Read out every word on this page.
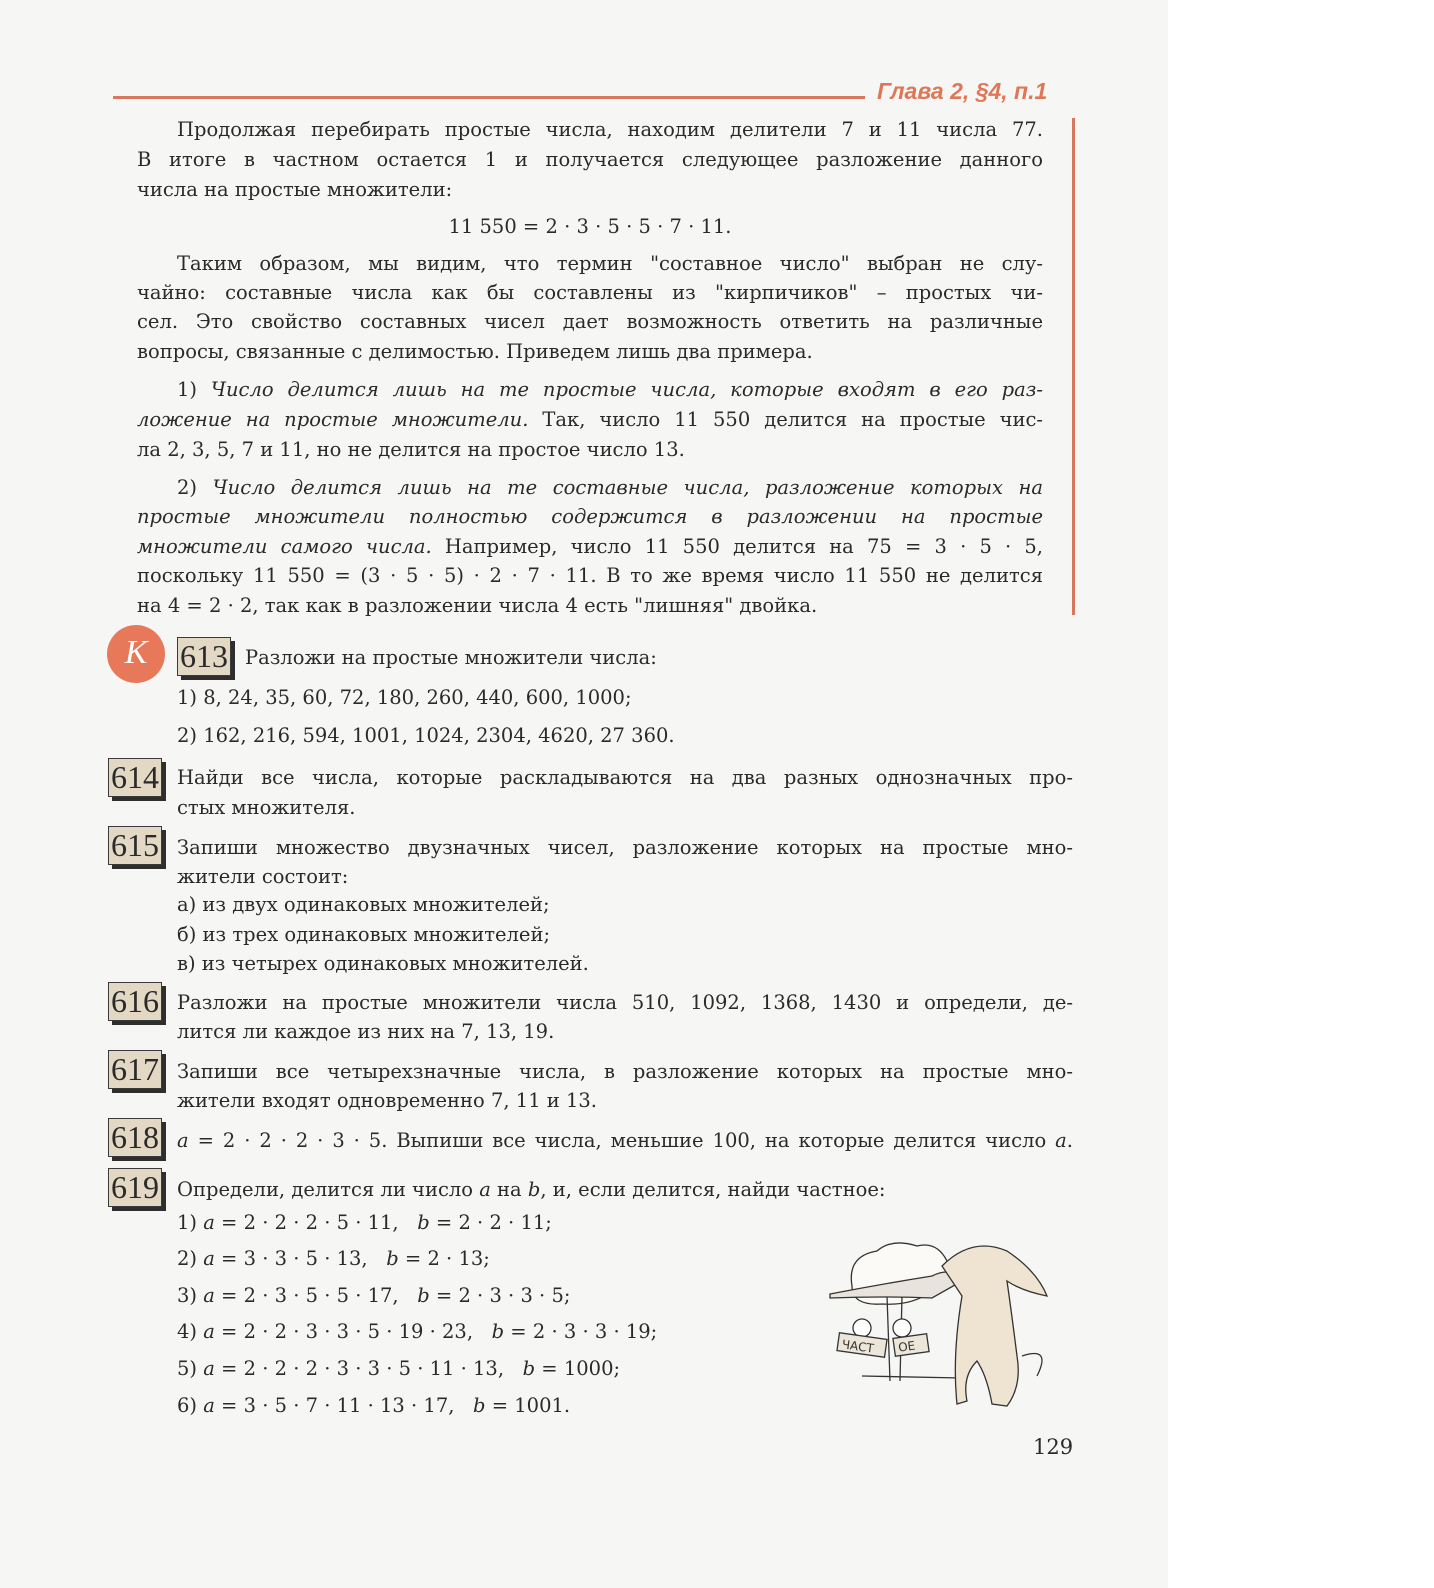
Глава 2, §4, п.1
Продолжая перебирать простые числа, находим делители 7 и 11 числа 77.
В итоге в частном остается 1 и получается следующее разложение данного
числа на простые множители:
11 550 = 2 · 3 · 5 · 5 · 7 · 11.
Таким образом, мы видим, что термин "составное число" выбран не слу-
чайно: составные числа как бы составлены из "кирпичиков" – простых чи-
сел. Это свойство составных чисел дает возможность ответить на различные
вопросы, связанные с делимостью. Приведем лишь два примера.
1) Число делится лишь на те простые числа, которые входят в его раз-
ложение на простые множители. Так, число 11 550 делится на простые чис-
ла 2, 3, 5, 7 и 11, но не делится на простое число 13.
2) Число делится лишь на те составные числа, разложение которых на
простые множители полностью содержится в разложении на простые
множители самого числа. Например, число 11 550 делится на 75 = 3 · 5 · 5,
поскольку 11 550 = (3 · 5 · 5) · 2 · 7 · 11. В то же время число 11 550 не делится
на 4 = 2 · 2, так как в разложении числа 4 есть "лишняя" двойка.
К	613 Разложи на простые множители числа:
1) 8, 24, 35, 60, 72, 180, 260, 440, 600, 1000;
2) 162, 216, 594, 1001, 1024, 2304, 4620, 27 360.
614 Найди все числа, которые раскладываются на два разных однозначных про-
стых множителя.
615 Запиши множество двузначных чисел, разложение которых на простые мно-
жители состоит:
а) из двух одинаковых множителей;
б) из трех одинаковых множителей;
в) из четырех одинаковых множителей.
616 Разложи на простые множители числа 510, 1092, 1368, 1430 и определи, де-
лится ли каждое из них на 7, 13, 19.
617 Запиши все четырехзначные числа, в разложение которых на простые мно-
жители входят одновременно 7, 11 и 13.
618 a = 2 · 2 · 2 · 3 · 5. Выпиши все числа, меньшие 100, на которые делится число a.
619 Определи, делится ли число a на b, и, если делится, найди частное:
1) a = 2 · 2 · 2 · 5 · 11,   b = 2 · 2 · 11;
2) a = 3 · 3 · 5 · 13,   b = 2 · 13;
3) a = 2 · 3 · 5 · 5 · 17,   b = 2 · 3 · 3 · 5;
4) a = 2 · 2 · 3 · 3 · 5 · 19 · 23,   b = 2 · 3 · 3 · 19;
5) a = 2 · 2 · 2 · 3 · 3 · 5 · 11 · 13,   b = 1000;
6) a = 3 · 5 · 7 · 11 · 13 · 17,   b = 1001.
ЧАСТ ОЕ
129
